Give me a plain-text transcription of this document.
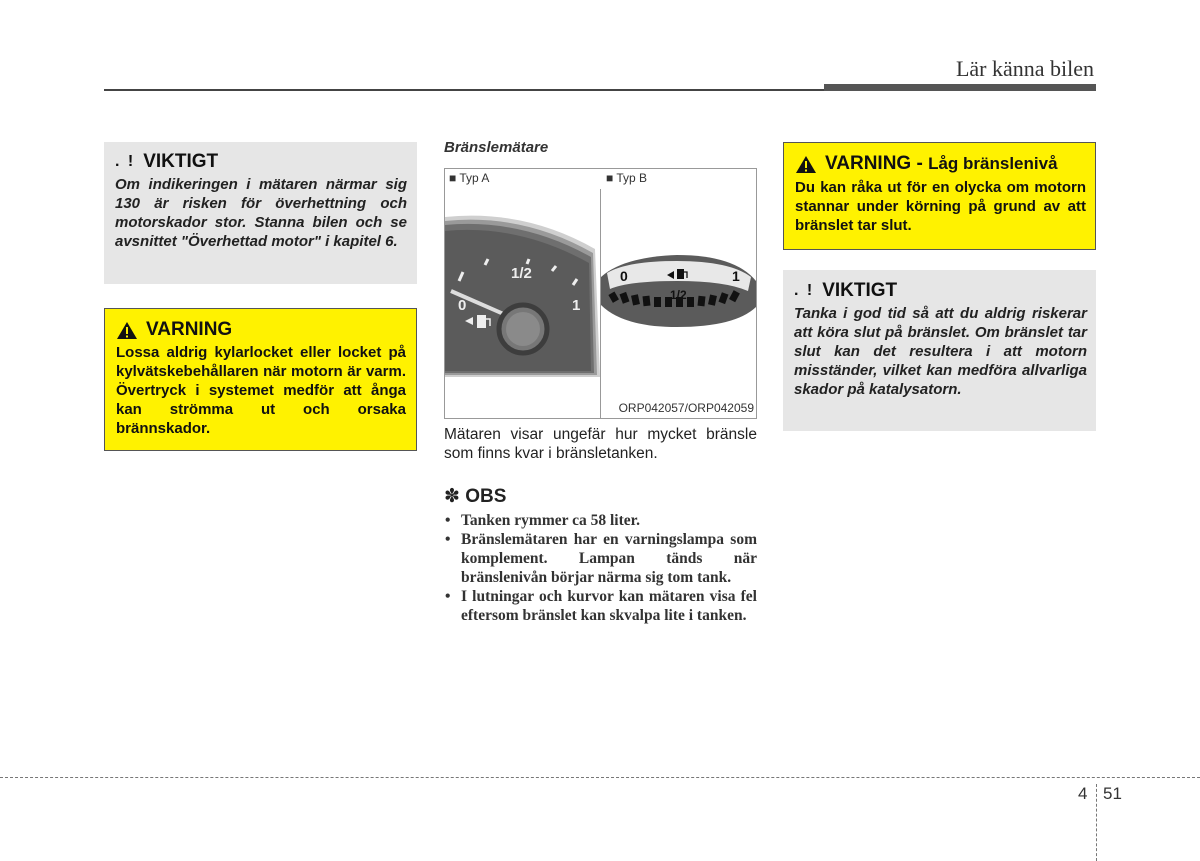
Lär känna bilen
. ! VIKTIGT
Om indikeringen i mätaren närmar sig 130 är risken för överhettning och motorskador stor. Stanna bilen och se avsnittet "Överhettad motor" i kapitel 6.
VARNING
Lossa aldrig kylarlocket eller locket på kylvätskebehållaren när motorn är varm. Övertryck i systemet medför att ånga kan strömma ut och orsaka brännskador.
Bränslemätare
■ Typ A	■ Typ B
0
1/2
1
0
1/2
1
ORP042057/ORP042059
Mätaren visar ungefär hur mycket bränsle som finns kvar i bränsletanken.
✽ OBS
• Tanken rymmer ca 58 liter.
• Bränslemätaren har en varningslampa som komplement. Lampan tänds när bränslenivån börjar närma sig tom tank.
• I lutningar och kurvor kan mätaren visa fel eftersom bränslet kan skvalpa lite i tanken.
VARNING - Låg bränslenivå
Du kan råka ut för en olycka om motorn stannar under körning på grund av att bränslet tar slut.
. ! VIKTIGT
Tanka i god tid så att du aldrig riskerar att köra slut på bränslet. Om bränslet tar slut kan det resultera i att motorn misständer, vilket kan medföra allvarliga skador på katalysatorn.
4 51
